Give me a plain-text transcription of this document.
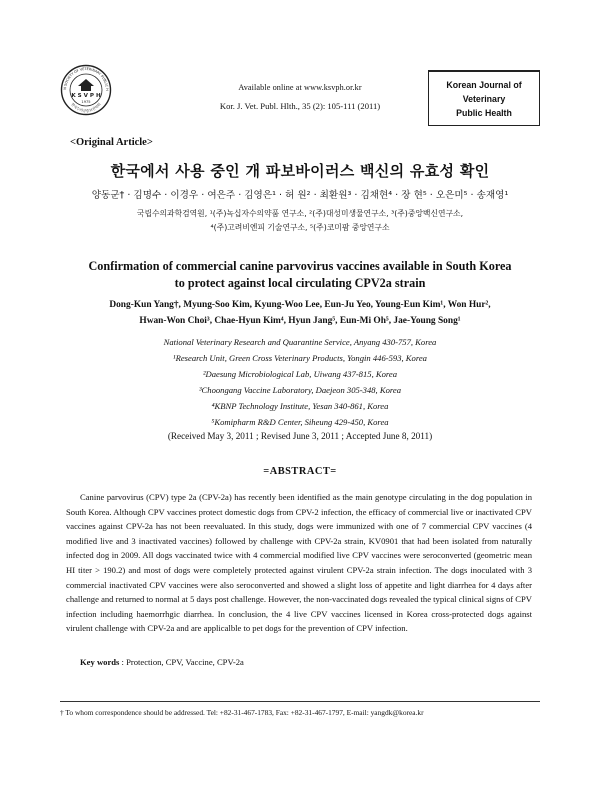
N SOCIETY OF VETERINARY PUBLIC H
한국수의공중보건학회
K S V P H
1975
Available online at www.ksvph.or.kr
Kor. J. Vet. Publ. Hlth., 35 (2): 105-111 (2011)
Korean Journal of
Veterinary
Public Health
<Original Article>
한국에서 사용 중인 개 파보바이러스 백신의 유효성 확인
양동군† · 김명수 · 이경우 · 여은주 · 김영은¹ · 허 원² · 최환원³ · 김채현⁴ · 장 현⁵ · 오은미⁵ · 송재영¹
국립수의과학검역원, ¹(주)녹십자수의약품 연구소, ²(주)대성미생물연구소, ³(주)중앙백신연구소,
⁴(주)고려비엔피 기술연구소, ⁵(주)코미팜 중앙연구소
Confirmation of commercial canine parvovirus vaccines available in South Korea
to protect against local circulating CPV2a strain
Dong-Kun Yang†, Myung-Soo Kim, Kyung-Woo Lee, Eun-Ju Yeo, Young-Eun Kim¹, Won Hur²,
Hwan-Won Choi³, Chae-Hyun Kim⁴, Hyun Jang⁵, Eun-Mi Oh⁵, Jae-Young Song¹
National Veterinary Research and Quarantine Service, Anyang 430-757, Korea
¹Research Unit, Green Cross Veterinary Products, Yongin 446-593, Korea
²Daesung Microbiological Lab, Uiwang 437-815, Korea
³Choongang Vaccine Laboratory, Daejeon 305-348, Korea
⁴KBNP Technology Institute, Yesan 340-861, Korea
⁵Komipharm R&D Center, Siheung 429-450, Korea
(Received May 3, 2011 ; Revised June 3, 2011 ; Accepted June 8, 2011)
=ABSTRACT=
Canine parvovirus (CPV) type 2a (CPV-2a) has recently been identified as the main genotype circulating in the dog population in South Korea. Although CPV vaccines protect domestic dogs from CPV-2 infection, the efficacy of commercial live or inactivated CPV vaccines against CPV-2a has not been reevaluated. In this study, dogs were immunized with one of 7 commercial CPV vaccines (4 modified live and 3 inactivated vaccines) followed by challenge with CPV-2a strain, KV0901 that had been isolated from naturally infected dog in 2009. All dogs vaccinated twice with 4 commercial modified live CPV vaccines were seroconverted (geometric mean HI titer > 190.2) and most of dogs were completely protected against virulent CPV-2a strain infection. The dogs inoculated with 3 commercial inactivated CPV vaccines were also seroconverted and showed a slight loss of appetite and light diarrhea for 4 days after challenge and returned to normal at 5 days post challenge. However, the non-vaccinated dogs revealed the typical clinical signs of CPV infection including haemorrhgic diarrhea. In conclusion, the 4 live CPV vaccines licensed in Korea cross-protected dogs against virulent challenge with CPV-2a and are applicalble to pet dogs for the prevention of CPV infection.
Key words : Protection, CPV, Vaccine, CPV-2a
† To whom correspondence should be addressed. Tel: +82-31-467-1783, Fax: +82-31-467-1797, E-mail: yangdk@korea.kr
